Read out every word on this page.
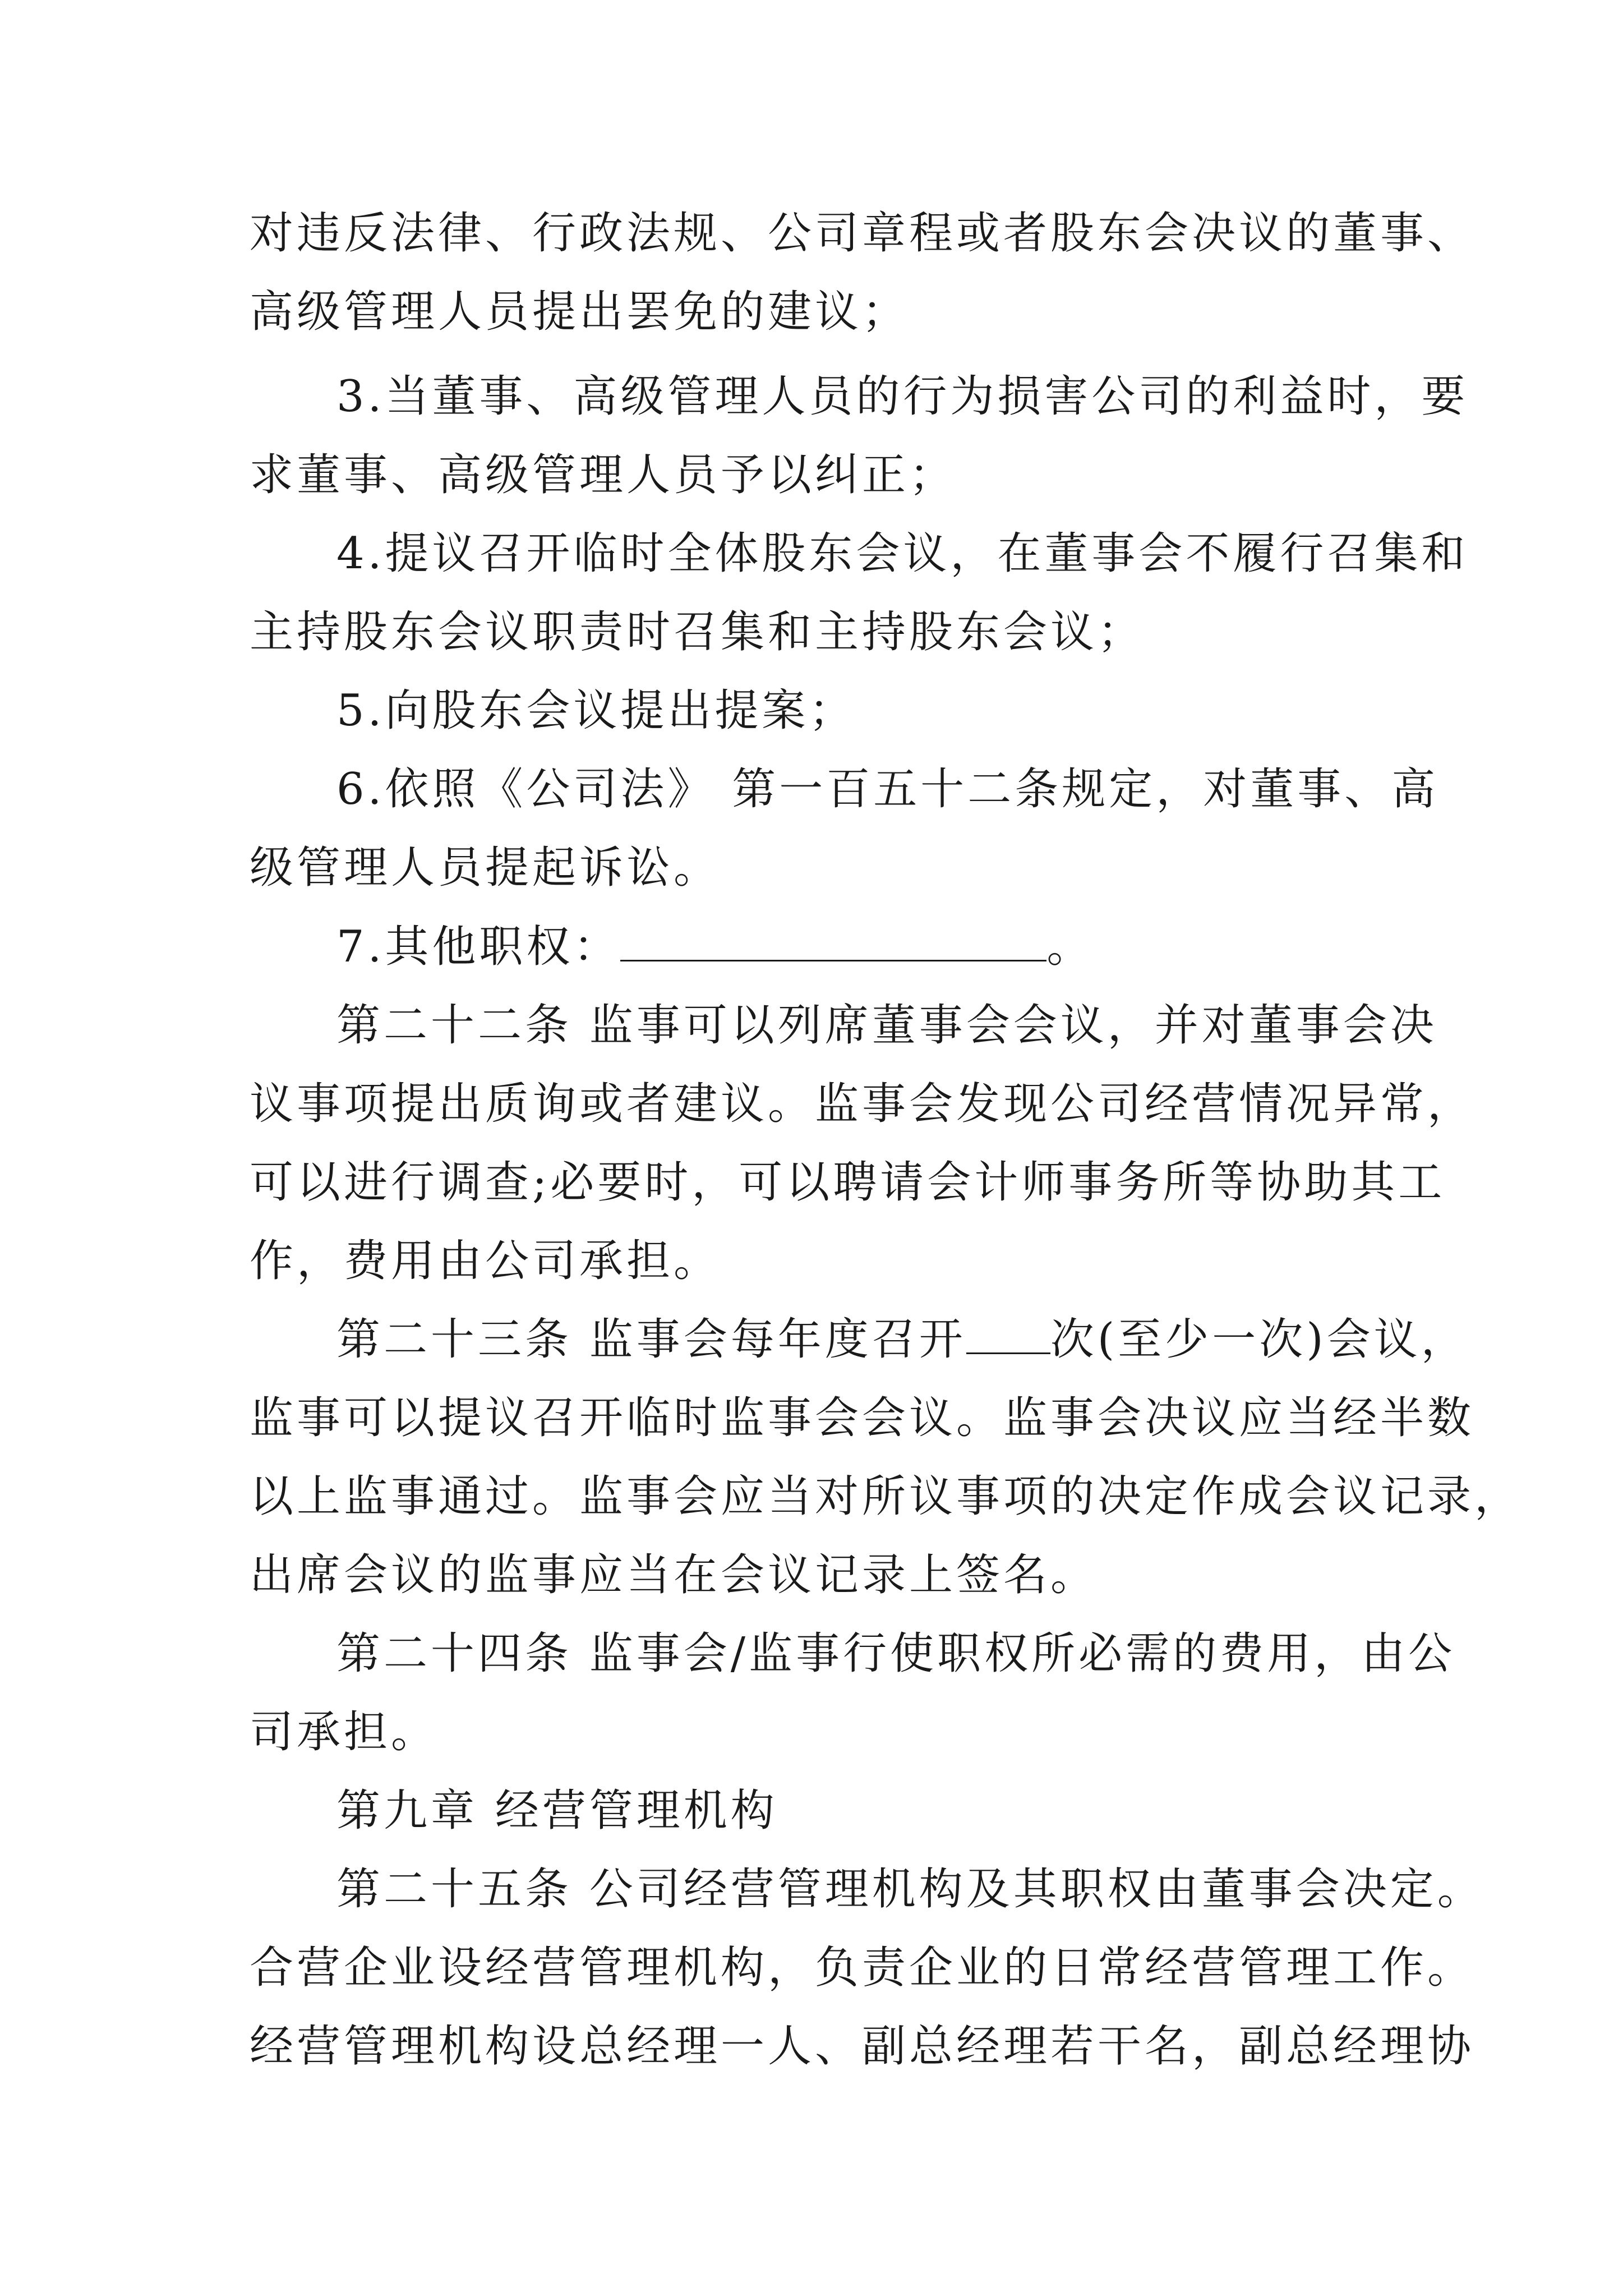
对违反法律、行政法规、公司章程或者股东会决议的董事、
高级管理人员提出罢免的建议；
3.当董事、高级管理人员的行为损害公司的利益时，要
求董事、高级管理人员予以纠正；
4.提议召开临时全体股东会议，在董事会不履行召集和
主持股东会议职责时召集和主持股东会议；
5.向股东会议提出提案；
6.依照《公司法》 第一百五十二条规定，对董事、高
级管理人员提起诉讼。
7.其他职权：	。
第二十二条 监事可以列席董事会会议，并对董事会决
议事项提出质询或者建议。监事会发现公司经营情况异常，
可以进行调查;必要时，可以聘请会计师事务所等协助其工
作，费用由公司承担。
第二十三条 监事会每年度召开 次(至少一次)会议，
监事可以提议召开临时监事会会议。监事会决议应当经半数
以上监事通过。监事会应当对所议事项的决定作成会议记录，
出席会议的监事应当在会议记录上签名。
第二十四条 监事会/监事行使职权所必需的费用，由公
司承担。
第九章 经营管理机构
第二十五条 公司经营管理机构及其职权由董事会决定。
合营企业设经营管理机构，负责企业的日常经营管理工作。
经营管理机构设总经理一人、副总经理若干名，副总经理协
